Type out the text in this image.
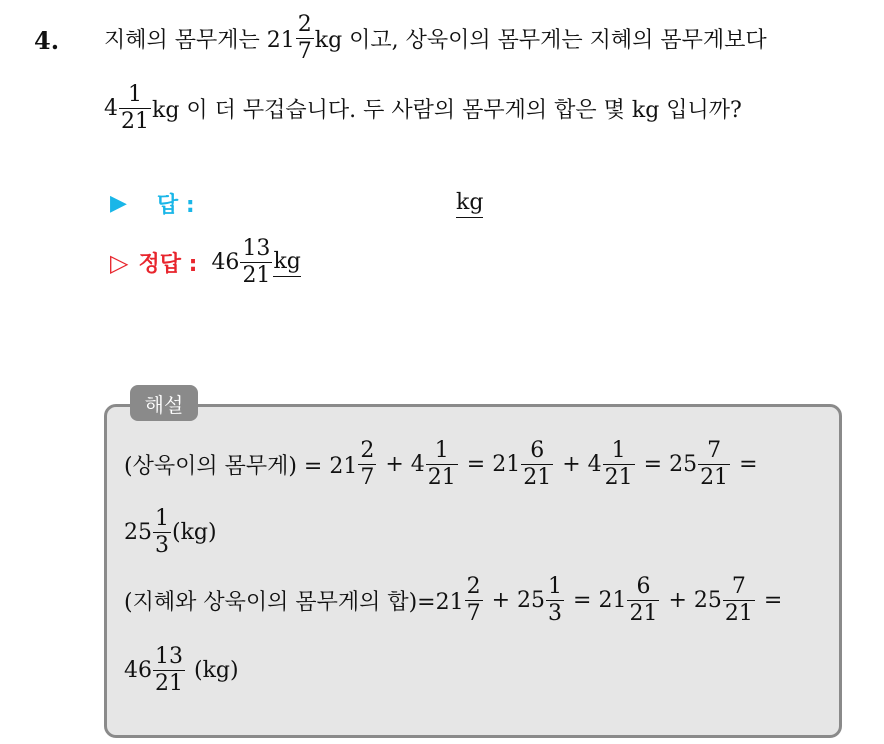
4. 지혜의 몸무게는 $21 \frac{2}{7}$ kg 이고, 상욱이의 몸무게는 지혜의 몸무게보다
$4 \frac{1}{21}$ kg 이 더 무겁습니다. 두 사람의 몸무게의 합은 몇 kg 입니까?
▶ 답 :	kg
▷ 정답 : $46 \frac{13}{21}$ kg
해설
(상욱이의 몸무게) = $21 \frac{2}{7} + 4 \frac{1}{21} = 21 \frac{6}{21} + 4 \frac{1}{21} = 25 \frac{7}{21}$ =
$25 \frac{1}{3} (kg)$
(지혜와 상욱이의 몸무게의 합)$=21 \frac{2}{7} + 25 \frac{1}{3} = 21 \frac{6}{21} + 25 \frac{7}{21}$ =
$46 \frac{13}{21} (kg)$
